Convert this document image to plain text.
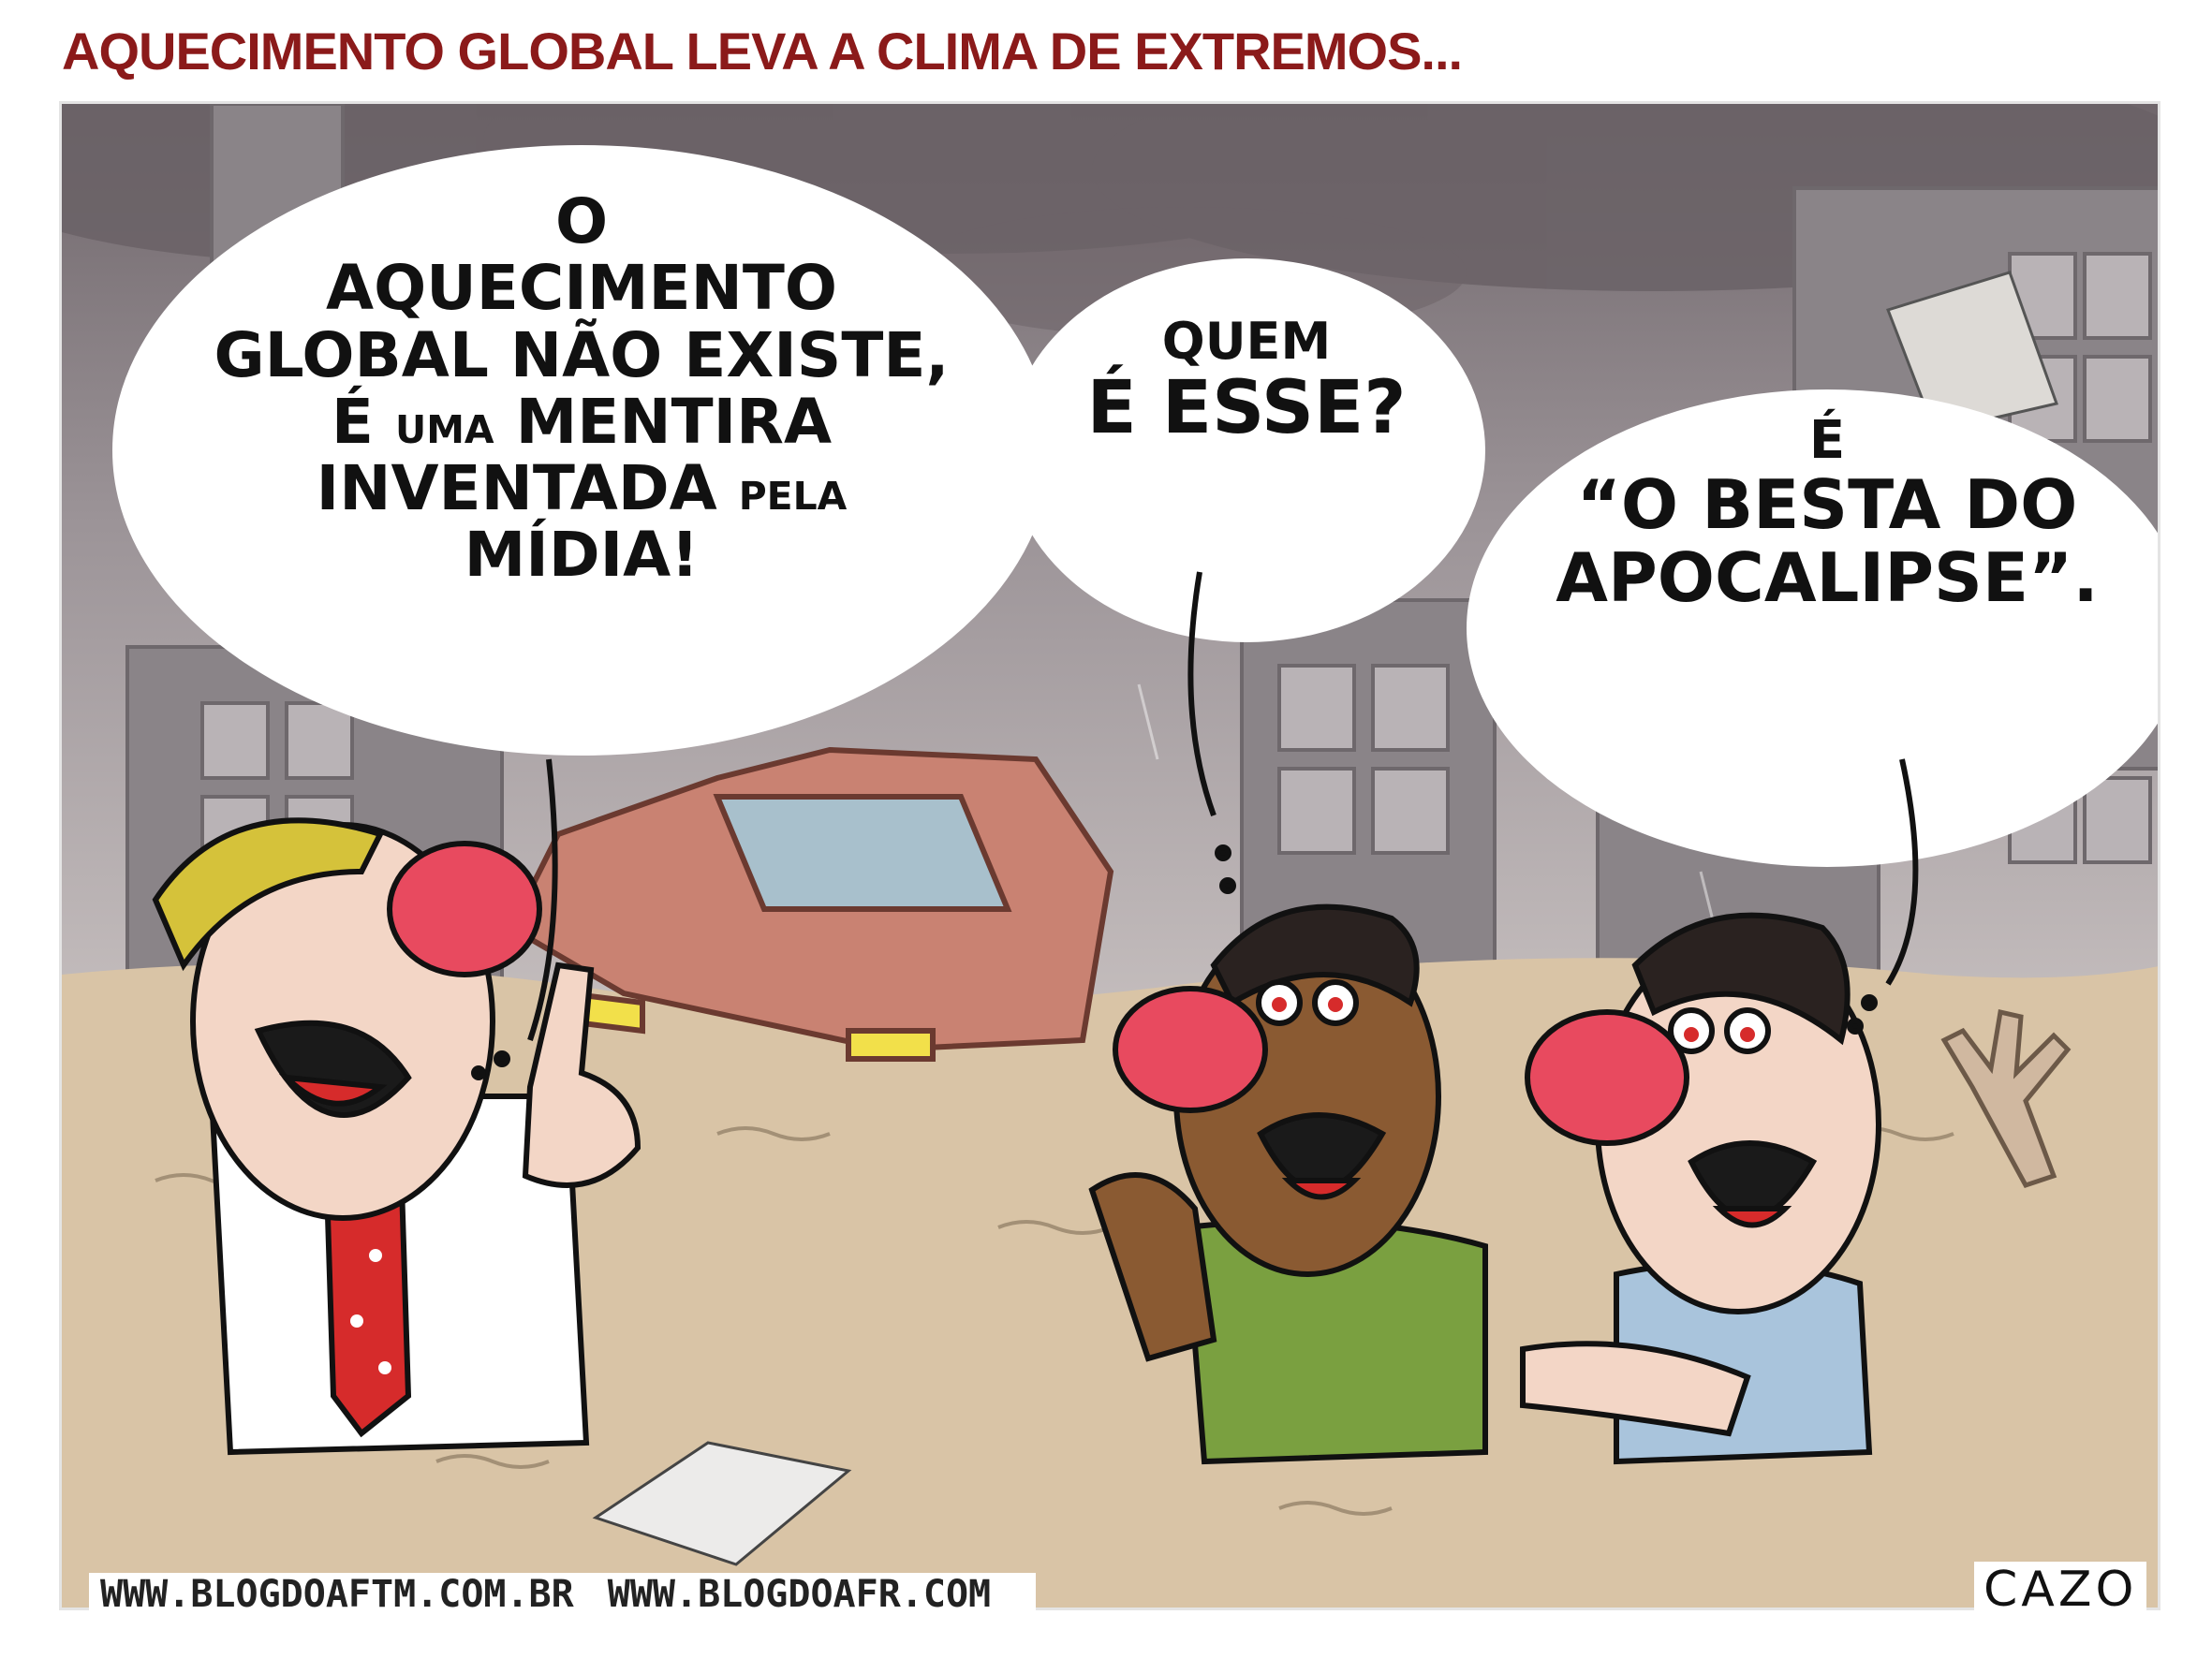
AQUECIMENTO GLOBAL LEVA A CLIMA DE EXTREMOS...
O
AQUECIMENTO
GLOBAL NÃO EXISTE,
É UMA MENTIRA
INVENTADA PELA
MÍDIA!
QUEM
É ESSE?	É
“O BESTA DO
APOCALIPSE”.
WWW.BLOGDOAFTM.COM.BR WWW.BLOGDOAFR.COM	CAZO
